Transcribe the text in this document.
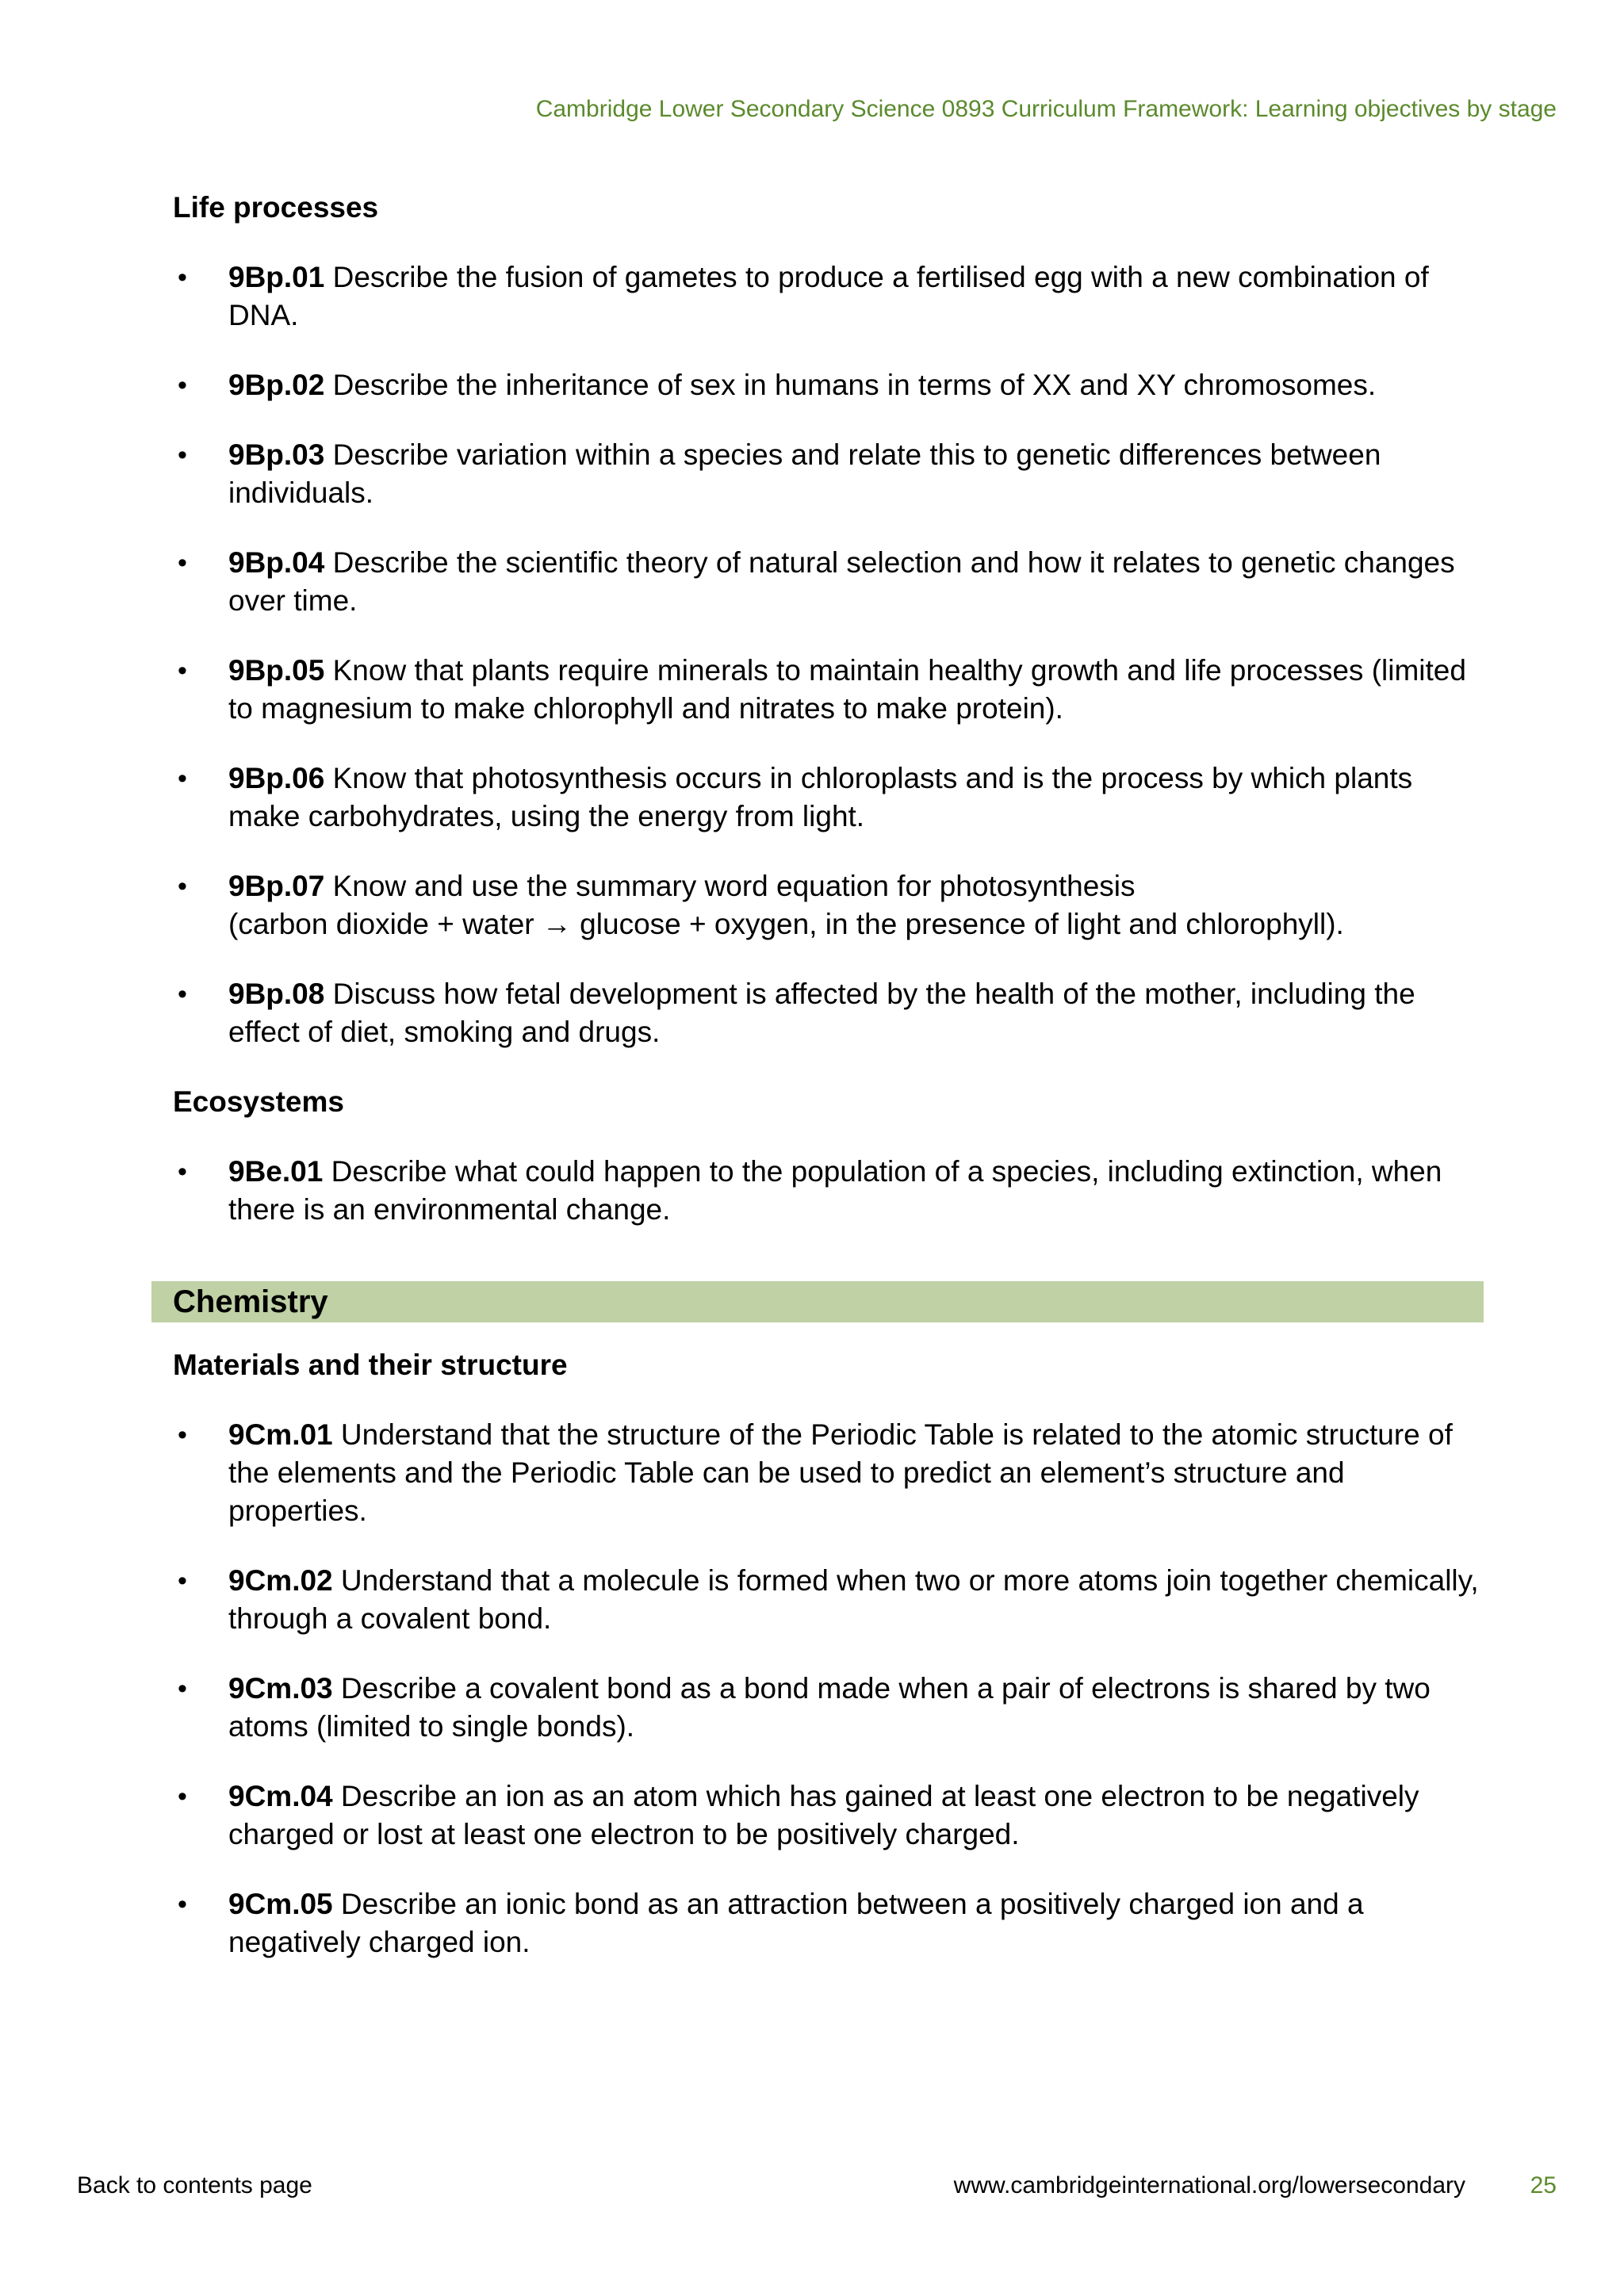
Cambridge Lower Secondary Science 0893 Curriculum Framework: Learning objectives by stage
Life processes
• 9Bp.01 Describe the fusion of gametes to produce a fertilised egg with a new combination of DNA.
• 9Bp.02 Describe the inheritance of sex in humans in terms of XX and XY chromosomes.
• 9Bp.03 Describe variation within a species and relate this to genetic differences between individuals.
• 9Bp.04 Describe the scientific theory of natural selection and how it relates to genetic changes over time.
• 9Bp.05 Know that plants require minerals to maintain healthy growth and life processes (limited to magnesium to make chlorophyll and nitrates to make protein).
• 9Bp.06 Know that photosynthesis occurs in chloroplasts and is the process by which plants make carbohydrates, using the energy from light.
• 9Bp.07 Know and use the summary word equation for photosynthesis
(carbon dioxide + water → glucose + oxygen, in the presence of light and chlorophyll).
• 9Bp.08 Discuss how fetal development is affected by the health of the mother, including the effect of diet, smoking and drugs.
Ecosystems
• 9Be.01 Describe what could happen to the population of a species, including extinction, when there is an environmental change.
Chemistry
Materials and their structure
• 9Cm.01 Understand that the structure of the Periodic Table is related to the atomic structure of the elements and the Periodic Table can be used to predict an element’s structure and properties.
• 9Cm.02 Understand that a molecule is formed when two or more atoms join together chemically, through a covalent bond.
• 9Cm.03 Describe a covalent bond as a bond made when a pair of electrons is shared by two atoms (limited to single bonds).
• 9Cm.04 Describe an ion as an atom which has gained at least one electron to be negatively charged or lost at least one electron to be positively charged.
• 9Cm.05 Describe an ionic bond as an attraction between a positively charged ion and a negatively charged ion.
Back to contents page	www.cambridgeinternational.org/lowersecondary	25
